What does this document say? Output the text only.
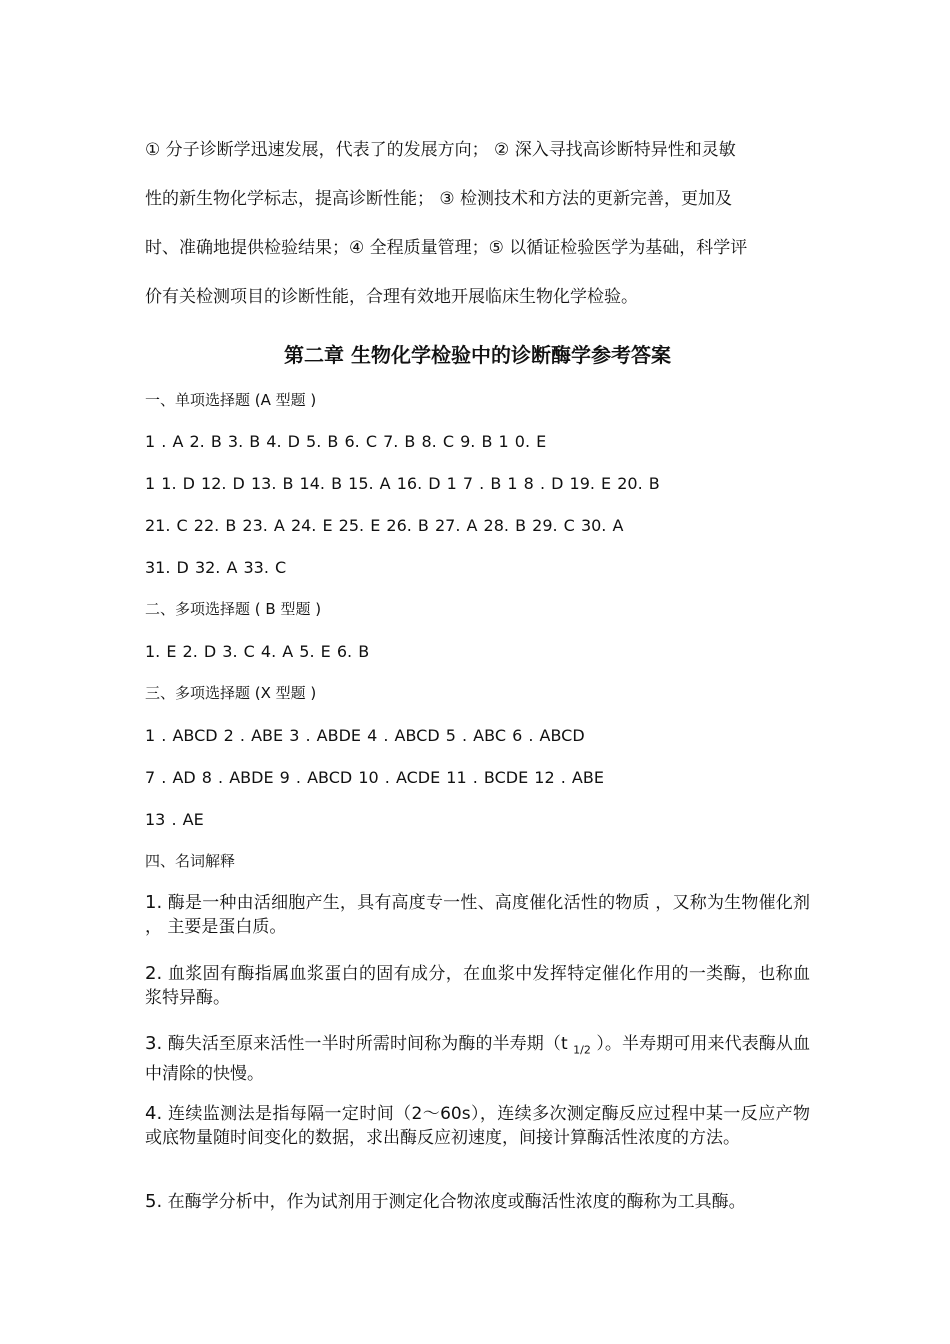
① 分子诊断学迅速发展，代表了的发展方向； ② 深入寻找高诊断特异性和灵敏

性的新生物化学标志，提高诊断性能； ③ 检测技术和方法的更新完善，更加及

时、准确地提供检验结果；④ 全程质量管理；⑤ 以循证检验医学为基础，科学评

价有关检测项目的诊断性能，合理有效地开展临床生物化学检验。

第二章 生物化学检验中的诊断酶学参考答案
一、单项选择题 (A 型题 )
1 . A 2. B 3. B 4. D 5. B 6. C 7. B 8. C 9. B 1 0. E
1 1. D 12. D 13. B 14. B 15. A 16. D 1 7 . B 1 8 . D 19. E 20. B
21. C 22. B 23. A 24. E 25. E 26. B 27. A 28. B 29. C 30. A
31. D 32. A 33. C
二、多项选择题 ( B 型题 )
1. E 2. D 3. C 4. A 5. E 6. B
三、多项选择题 (X 型题 )
1 . ABCD 2 . ABE 3 . ABDE 4 . ABCD 5 . ABC 6 . ABCD
7 . AD 8 . ABDE 9 . ABCD 10 . ACDE 11 . BCDE 12 . ABE
13 . AE
四、名词解释
1. 酶是一种由活细胞产生，具有高度专一性、高度催化活性的物质 ，又称为生物催化剂 ， 主要是蛋白质。
2. 血浆固有酶指属血浆蛋白的固有成分，在血浆中发挥特定催化作用的一类酶，也称血浆特异酶。
3. 酶失活至原来活性一半时所需时间称为酶的半寿期（t $_{1/2}$ ）。半寿期可用来代表酶从血中清除的快慢。
4. 连续监测法是指每隔一定时间（2～60s），连续多次测定酶反应过程中某一反应产物或底物量随时间变化的数据，求出酶反应初速度，间接计算酶活性浓度的方法。
5. 在酶学分析中，作为试剂用于测定化合物浓度或酶活性浓度的酶称为工具酶。
